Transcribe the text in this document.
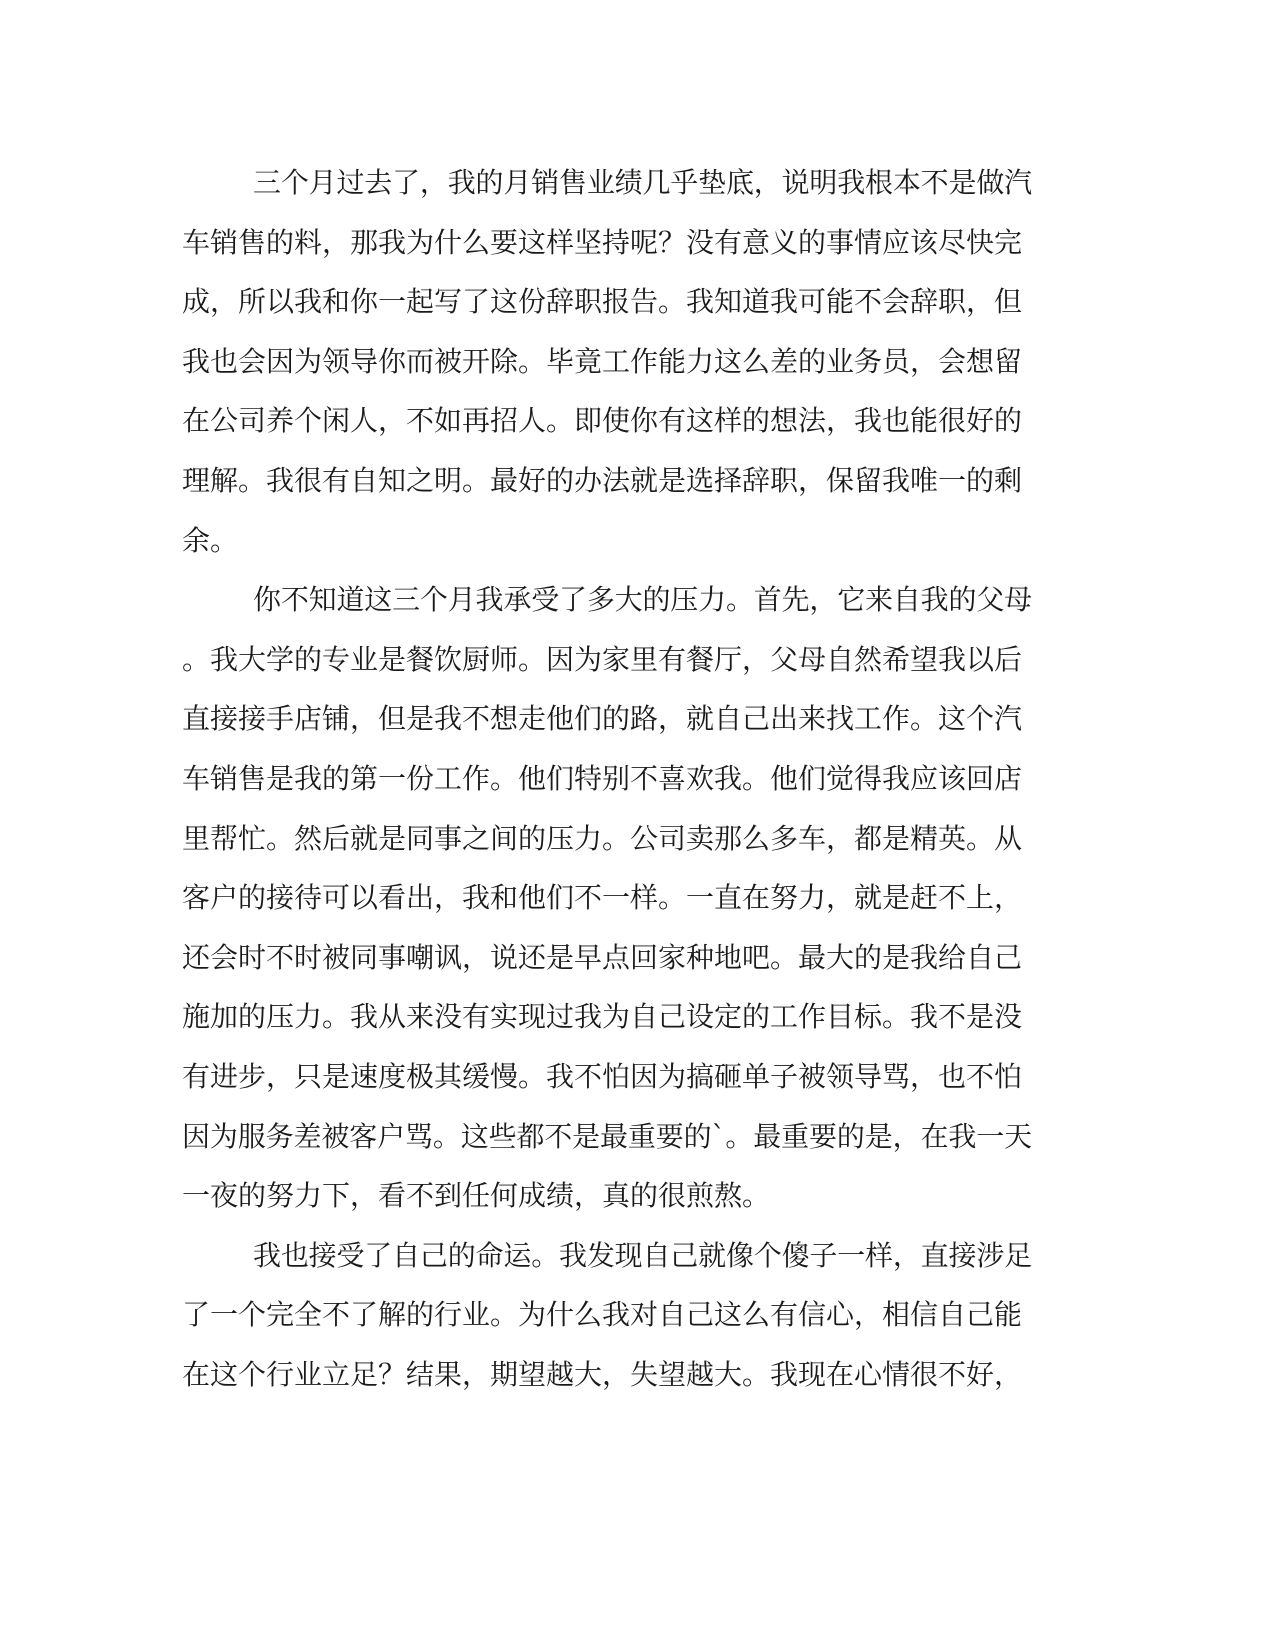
三个月过去了，我的月销售业绩几乎垫底，说明我根本不是做汽
车销售的料，那我为什么要这样坚持呢？没有意义的事情应该尽快完
成，所以我和你一起写了这份辞职报告。我知道我可能不会辞职，但
我也会因为领导你而被开除。毕竟工作能力这么差的业务员，会想留
在公司养个闲人，不如再招人。即使你有这样的想法，我也能很好的
理解。我很有自知之明。最好的办法就是选择辞职，保留我唯一的剩
余。
你不知道这三个月我承受了多大的压力。首先，它来自我的父母
。我大学的专业是餐饮厨师。因为家里有餐厅，父母自然希望我以后
直接接手店铺，但是我不想走他们的路，就自己出来找工作。这个汽
车销售是我的第一份工作。他们特别不喜欢我。他们觉得我应该回店
里帮忙。然后就是同事之间的压力。公司卖那么多车，都是精英。从
客户的接待可以看出，我和他们不一样。一直在努力，就是赶不上，
还会时不时被同事嘲讽，说还是早点回家种地吧。最大的是我给自己
施加的压力。我从来没有实现过我为自己设定的工作目标。我不是没
有进步，只是速度极其缓慢。我不怕因为搞砸单子被领导骂，也不怕
因为服务差被客户骂。这些都不是最重要的`。最重要的是，在我一天
一夜的努力下，看不到任何成绩，真的很煎熬。
我也接受了自己的命运。我发现自己就像个傻子一样，直接涉足
了一个完全不了解的行业。为什么我对自己这么有信心，相信自己能
在这个行业立足？结果，期望越大，失望越大。我现在心情很不好，
